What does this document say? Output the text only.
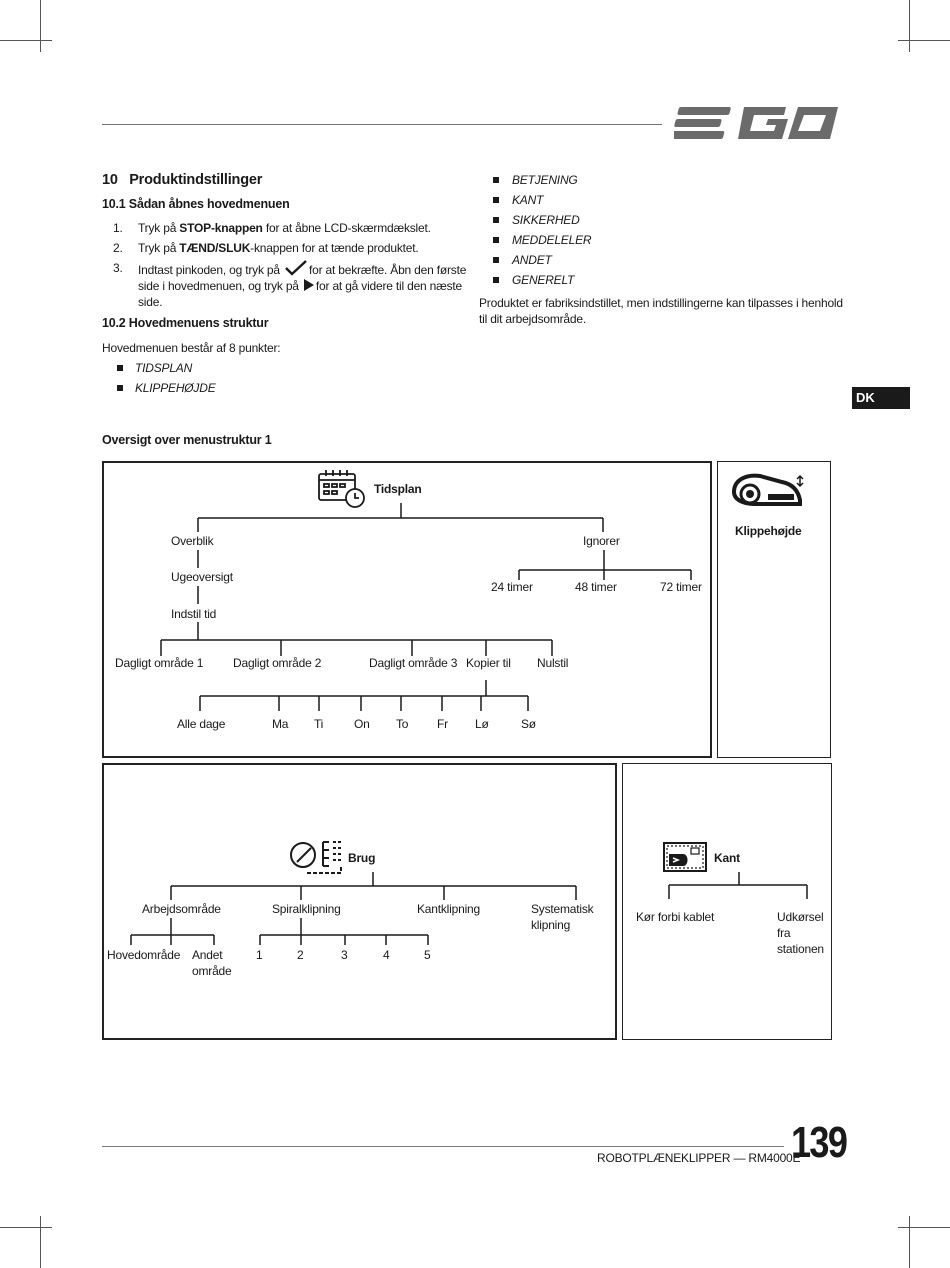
10   Produktindstillinger
10.1 Sådan åbnes hovedmenuen
1. Tryk på STOP-knappen for at åbne LCD-skærmdækslet.
2. Tryk på TÆND/SLUK-knappen for at tænde produktet.
3. Indtast pinkoden, og tryk på for at bekræfte. Åbn den første
side i hovedmenuen, og tryk på for at gå videre til den næste
side.
10.2 Hovedmenuens struktur
Hovedmenuen består af 8 punkter:
TIDSPLAN
KLIPPEHØJDE
BETJENING
KANT
SIKKERHED
MEDDELELER
ANDET
GENERELT
Produktet er fabriksindstillet, men indstillingerne kan tilpasses i henhold
til dit arbejdsområde.
DK
Oversigt over menustruktur 1
Tidsplan
Overblik
Ugeoversigt
Indstil tid
Ignorer
24 timer	48 timer	72 timer
Dagligt område 1 Dagligt område 2	Dagligt område 3 Kopier til Nulstil
Alle dage	Ma Ti	On To Fr Lø	Sø
Klippehøjde
Brug
Arbejdsområde	Spiralklipning	Kantklipning	Systematisk
klipning
Hovedområde Andet
område
1	2	3	4	5
Kant
Kør forbi kablet	Udkørsel
fra
stationen
ROBOTPLÆNEKLIPPER — RM4000E
139
